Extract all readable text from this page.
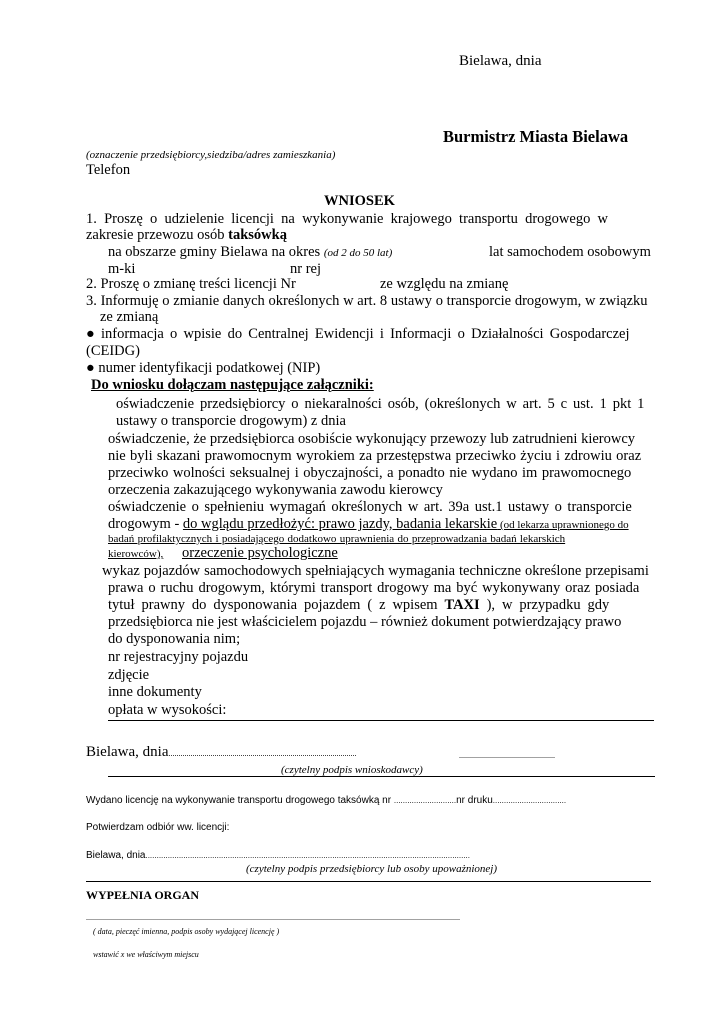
Bielawa, dnia
Burmistrz Miasta Bielawa
(oznaczenie przedsiębiorcy,siedziba/adres zamieszkania)
Telefon
WNIOSEK
1. Proszę o udzielenie licencji na wykonywanie krajowego transportu drogowego w
zakresie przewozu osób taksówką
na obszarze gminy Bielawa na okres (od 2 do 50 lat)	lat samochodem osobowym
m-ki	nr rej
2. Proszę o zmianę treści licencji Nr	ze względu na zmianę
3. Informuję o zmianie danych określonych w art. 8 ustawy o transporcie drogowym, w związku
ze zmianą
● informacja o wpisie do Centralnej Ewidencji i Informacji o Działalności Gospodarczej
(CEIDG)
● numer identyfikacji podatkowej (NIP)
Do wniosku dołączam następujące załączniki:
oświadczenie przedsiębiorcy o niekaralności osób, (określonych w art. 5 c ust. 1 pkt 1
ustawy o transporcie drogowym) z dnia
oświadczenie, że przedsiębiorca osobiście wykonujący przewozy lub zatrudnieni kierowcy
nie byli skazani prawomocnym wyrokiem za przestępstwa przeciwko życiu i zdrowiu oraz
przeciwko wolności seksualnej i obyczajności, a ponadto nie wydano im prawomocnego
orzeczenia zakazującego wykonywania zawodu kierowcy
oświadczenie o spełnieniu wymagań określonych w art. 39a ust.1 ustawy o transporcie
drogowym - do wglądu przedłożyć: prawo jazdy, badania lekarskie (od lekarza uprawnionego do
badań profilaktycznych i posiadającego dodatkowo uprawnienia do przeprowadzania badań lekarskich
kierowców), orzeczenie psychologiczne
wykaz pojazdów samochodowych spełniających wymagania techniczne określone przepisami
prawa o ruchu drogowym, którymi transport drogowy ma być wykonywany oraz posiada
tytuł prawny do dysponowania pojazdem ( z wpisem TAXI ), w przypadku gdy
przedsiębiorca nie jest właścicielem pojazdu – również dokument potwierdzający prawo
do dysponowania nim;
nr rejestracyjny pojazdu
zdjęcie
inne dokumenty
opłata w wysokości:
Bielawa, dnia..............................................................................................	................................................
(czytelny podpis wnioskodawcy)
Wydano licencję na wykonywanie transportu drogowego taksówką nr ............................nr druku.................................
Potwierdzam odbiór ww. licencji:
Bielawa, dnia..................................................................................................................................................
(czytelny podpis przedsiębiorcy lub osoby upoważnionej)
WYPEŁNIA ORGAN
...........................................................................................................................................................................................
( data, pieczęć imienna, podpis osoby wydającej licencję )
wstawić x we właściwym miejscu
